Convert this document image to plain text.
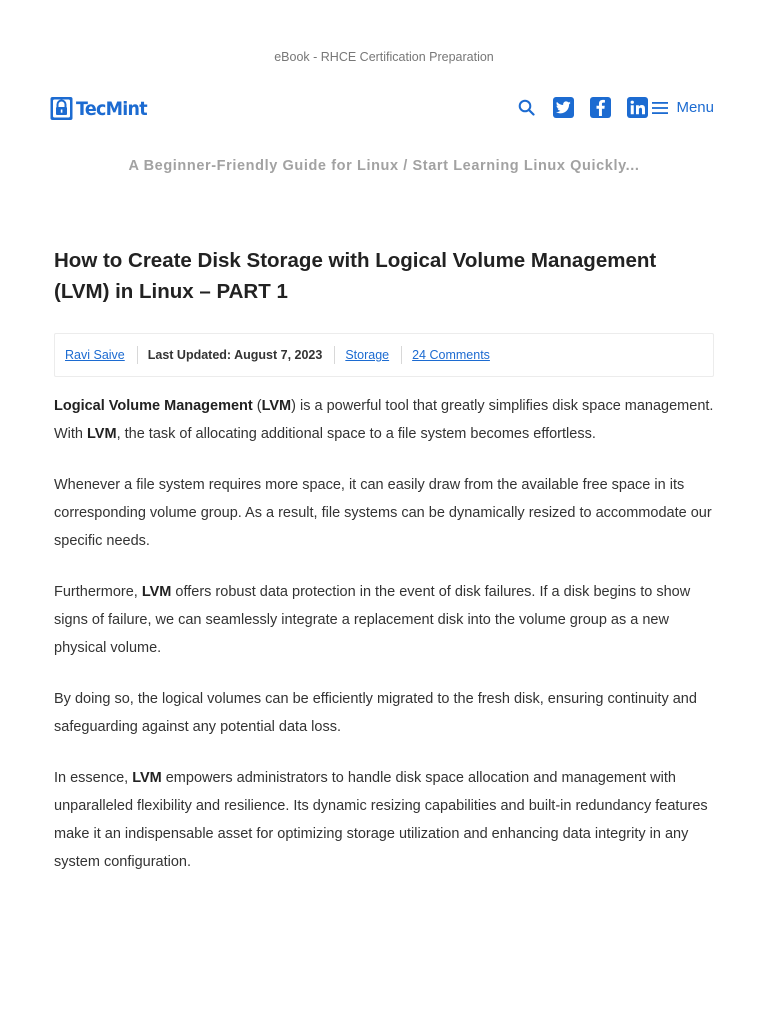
eBook - RHCE Certification Preparation
TecMint	Menu
A Beginner-Friendly Guide for Linux / Start Learning Linux Quickly...
How to Create Disk Storage with Logical Volume Management (LVM) in Linux – PART 1
Ravi Saive	Last Updated: August 7, 2023	Storage	24 Comments

Logical Volume Management (LVM) is a powerful tool that greatly simplifies disk space management. With LVM, the task of allocating additional space to a file system becomes effortless.

Whenever a file system requires more space, it can easily draw from the available free space in its corresponding volume group. As a result, file systems can be dynamically resized to accommodate our specific needs.

Furthermore, LVM offers robust data protection in the event of disk failures. If a disk begins to show signs of failure, we can seamlessly integrate a replacement disk into the volume group as a new physical volume.

By doing so, the logical volumes can be efficiently migrated to the fresh disk, ensuring continuity and safeguarding against any potential data loss.

In essence, LVM empowers administrators to handle disk space allocation and management with unparalleled flexibility and resilience. Its dynamic resizing capabilities and built-in redundancy features make it an indispensable asset for optimizing storage utilization and enhancing data integrity in any system configuration.
